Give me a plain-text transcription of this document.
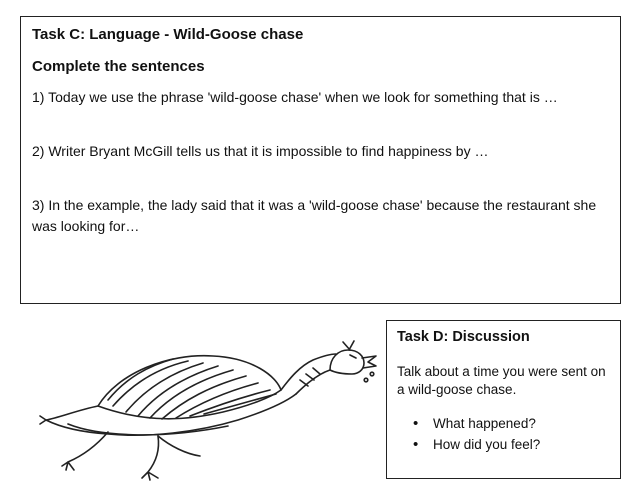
Task C: Language - Wild-Goose chase

Complete the sentences

1) Today we use the phrase 'wild-goose chase' when we look for something that is …

2) Writer Bryant McGill tells us that it is impossible to find happiness by …

3) In the example, the lady said that it was a 'wild-goose chase' because the restaurant she was looking for…

Task D: Discussion

Talk about a time you were sent on a wild-goose chase.

• What happened?
• How did you feel?
